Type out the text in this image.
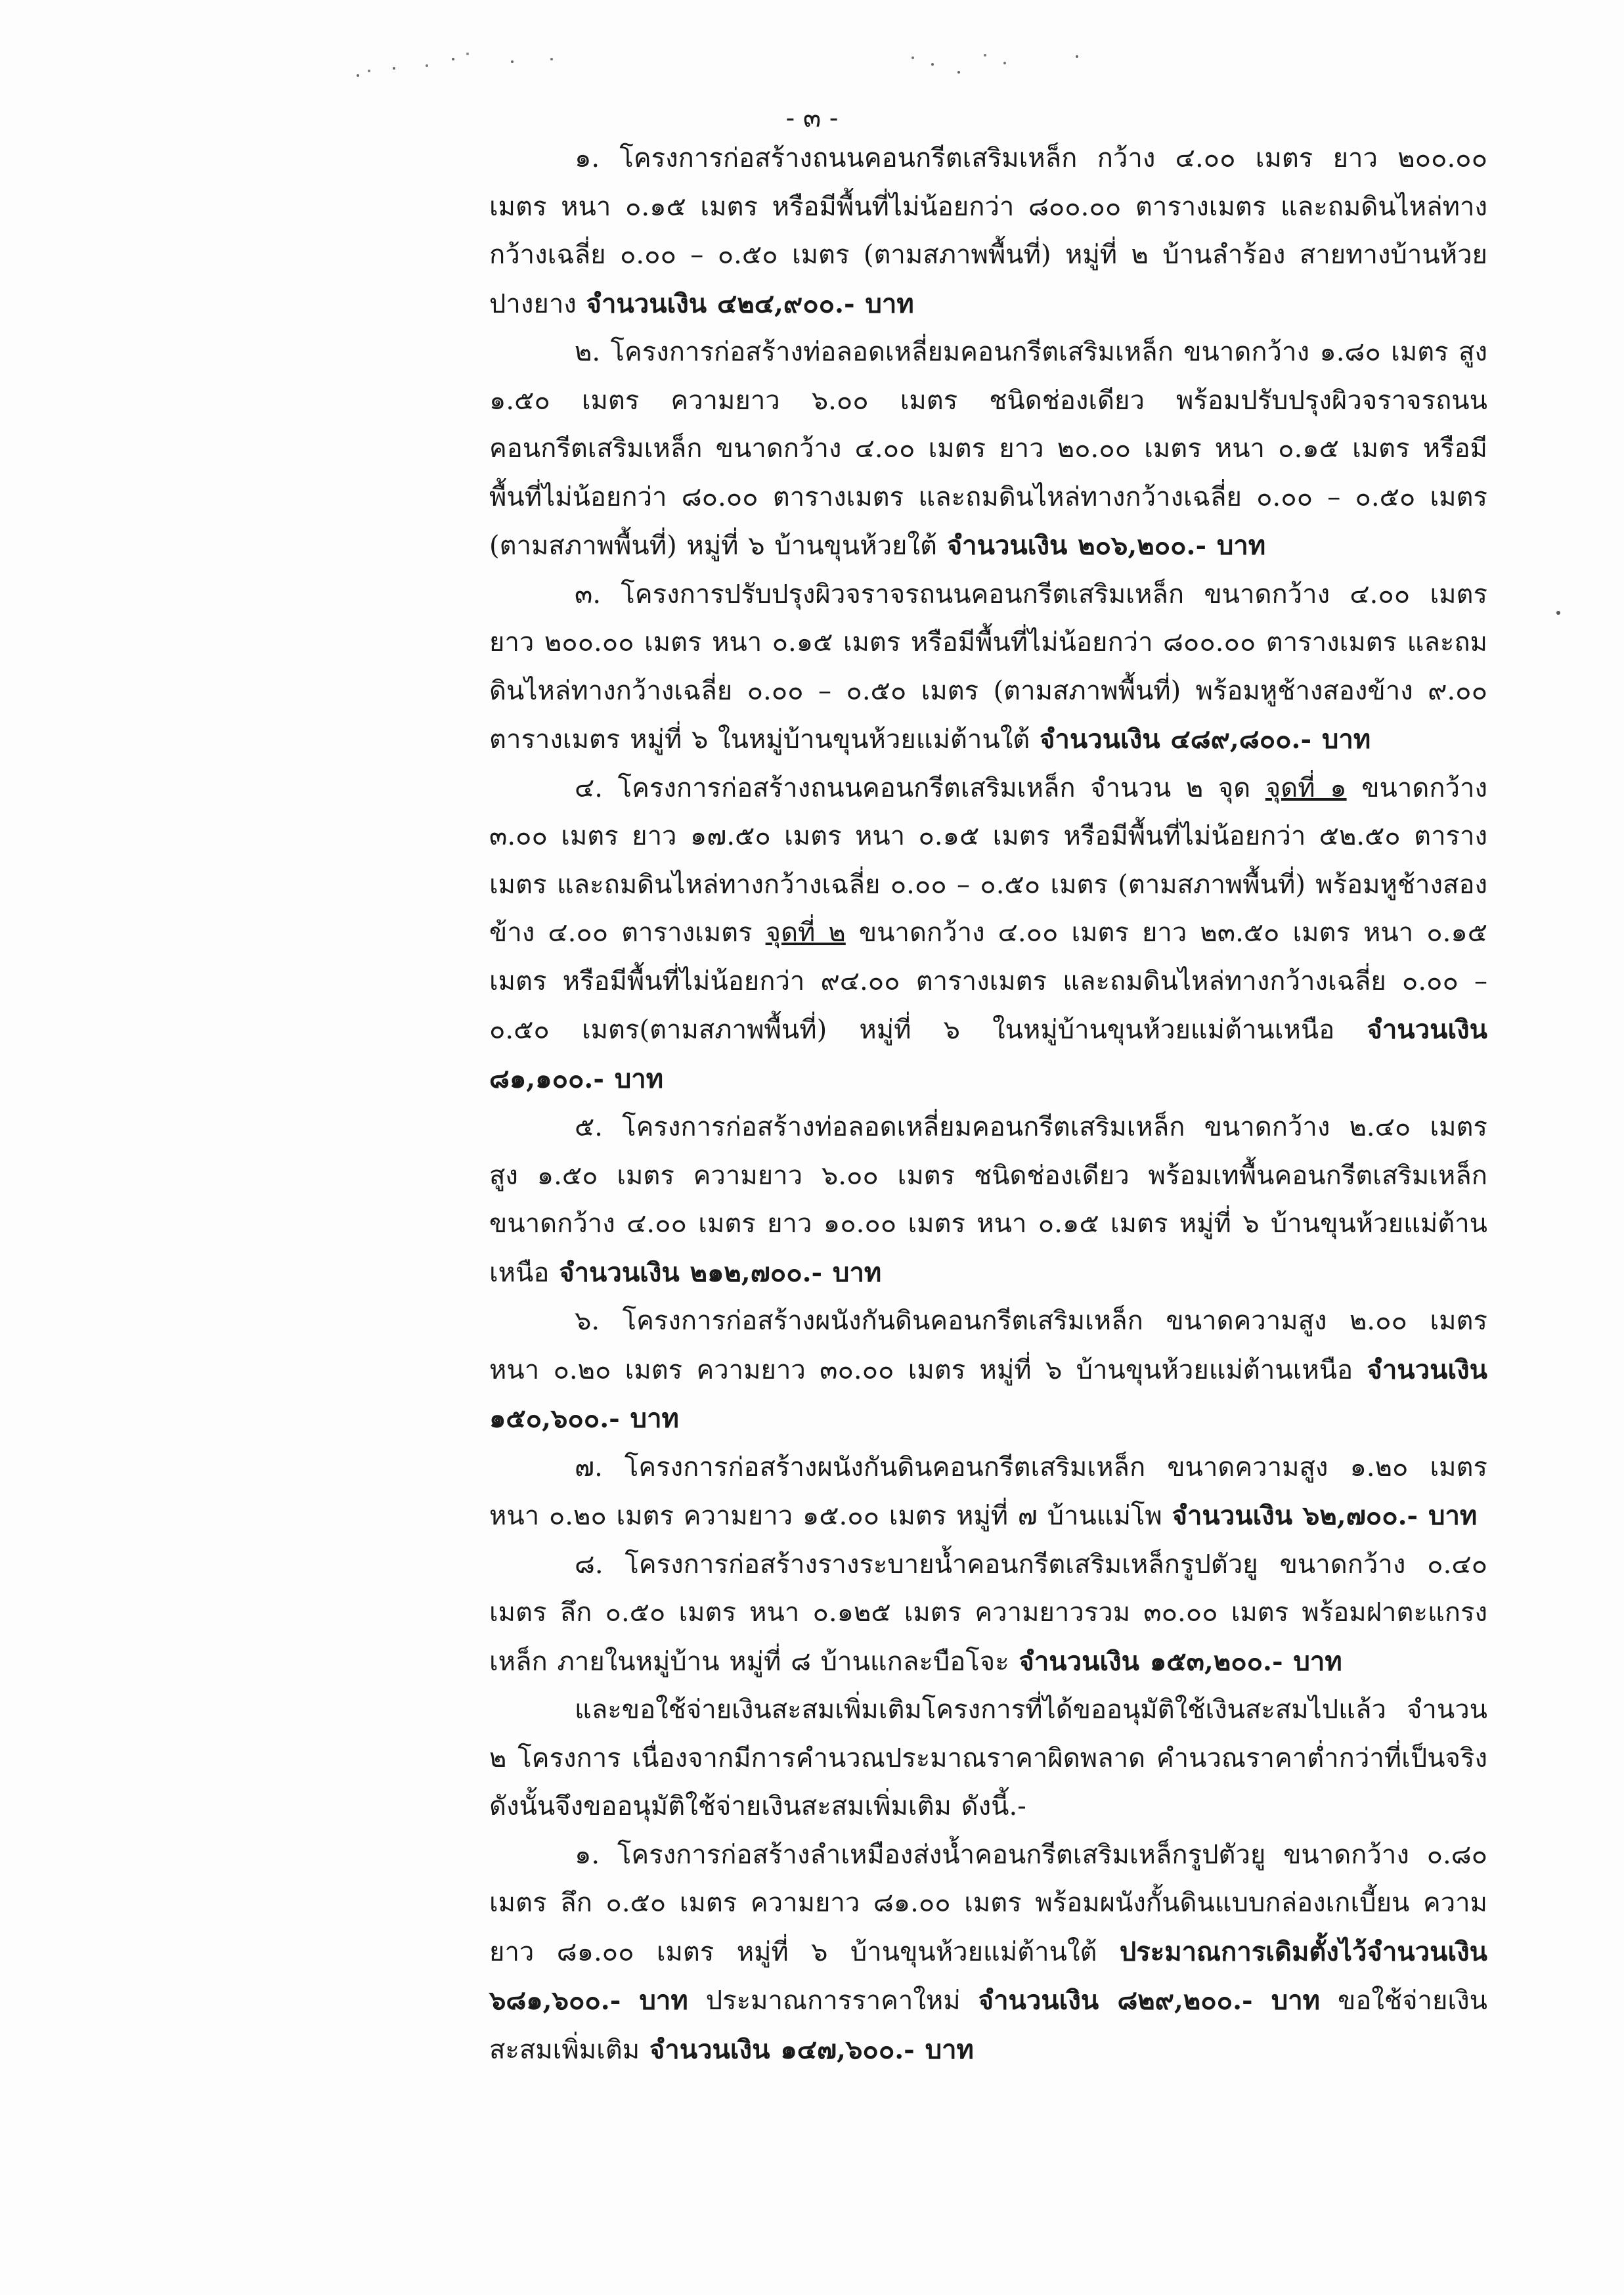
- ๓ -

๑. โครงการก่อสร้างถนนคอนกรีตเสริมเหล็ก กว้าง ๔.๐๐ เมตร ยาว ๒๐๐.๐๐ เมตร หนา ๐.๑๕ เมตร หรือมีพื้นที่ไม่น้อยกว่า ๘๐๐.๐๐ ตารางเมตร และถมดินไหล่ทาง กว้างเฉลี่ย ๐.๐๐ – ๐.๕๐ เมตร (ตามสภาพพื้นที่) หมู่ที่ ๒ บ้านลำร้อง สายทางบ้านห้วยปางยาง จำนวนเงิน ๔๒๔,๙๐๐.- บาท

๒. โครงการก่อสร้างท่อลอดเหลี่ยมคอนกรีตเสริมเหล็ก ขนาดกว้าง ๑.๘๐ เมตร สูง ๑.๕๐ เมตร ความยาว ๖.๐๐ เมตร ชนิดช่องเดียว พร้อมปรับปรุงผิวจราจรถนนคอนกรีตเสริมเหล็ก ขนาดกว้าง ๔.๐๐ เมตร ยาว ๒๐.๐๐ เมตร หนา ๐.๑๕ เมตร หรือมีพื้นที่ไม่น้อยกว่า ๘๐.๐๐ ตารางเมตร และถมดินไหล่ทางกว้างเฉลี่ย ๐.๐๐ – ๐.๕๐ เมตร (ตามสภาพพื้นที่) หมู่ที่ ๖ บ้านขุนห้วยใต้ จำนวนเงิน ๒๐๖,๒๐๐.- บาท

๓. โครงการปรับปรุงผิวจราจรถนนคอนกรีตเสริมเหล็ก ขนาดกว้าง ๔.๐๐ เมตร ยาว ๒๐๐.๐๐ เมตร หนา ๐.๑๕ เมตร หรือมีพื้นที่ไม่น้อยกว่า ๘๐๐.๐๐ ตารางเมตร และถมดินไหล่ทางกว้างเฉลี่ย ๐.๐๐ – ๐.๕๐ เมตร (ตามสภาพพื้นที่) พร้อมหูช้างสองข้าง ๙.๐๐ ตารางเมตร หมู่ที่ ๖ ในหมู่บ้านขุนห้วยแม่ต้านใต้ จำนวนเงิน ๔๘๙,๘๐๐.- บาท

๔. โครงการก่อสร้างถนนคอนกรีตเสริมเหล็ก จำนวน ๒ จุด จุดที่ ๑ ขนาดกว้าง ๓.๐๐ เมตร ยาว ๑๗.๕๐ เมตร หนา ๐.๑๕ เมตร หรือมีพื้นที่ไม่น้อยกว่า ๕๒.๕๐ ตารางเมตร และถมดินไหล่ทางกว้างเฉลี่ย ๐.๐๐ – ๐.๕๐ เมตร (ตามสภาพพื้นที่) พร้อมหูช้างสองข้าง ๔.๐๐ ตารางเมตร จุดที่ ๒ ขนาดกว้าง ๔.๐๐ เมตร ยาว ๒๓.๕๐ เมตร หนา ๐.๑๕ เมตร หรือมีพื้นที่ไม่น้อยกว่า ๙๔.๐๐ ตารางเมตร และถมดินไหล่ทางกว้างเฉลี่ย ๐.๐๐ – ๐.๕๐ เมตร(ตามสภาพพื้นที่) หมู่ที่ ๖ ในหมู่บ้านขุนห้วยแม่ต้านเหนือ จำนวนเงิน ๘๑,๑๐๐.- บาท

๕. โครงการก่อสร้างท่อลอดเหลี่ยมคอนกรีตเสริมเหล็ก ขนาดกว้าง ๒.๔๐ เมตร สูง ๑.๕๐ เมตร ความยาว ๖.๐๐ เมตร ชนิดช่องเดียว พร้อมเทพื้นคอนกรีตเสริมเหล็ก ขนาดกว้าง ๔.๐๐ เมตร ยาว ๑๐.๐๐ เมตร หนา ๐.๑๕ เมตร หมู่ที่ ๖ บ้านขุนห้วยแม่ต้านเหนือ จำนวนเงิน ๒๑๒,๗๐๐.- บาท

๖. โครงการก่อสร้างผนังกันดินคอนกรีตเสริมเหล็ก ขนาดความสูง ๒.๐๐ เมตร หนา ๐.๒๐ เมตร ความยาว ๓๐.๐๐ เมตร หมู่ที่ ๖ บ้านขุนห้วยแม่ต้านเหนือ จำนวนเงิน ๑๕๐,๖๐๐.- บาท

๗. โครงการก่อสร้างผนังกันดินคอนกรีตเสริมเหล็ก ขนาดความสูง ๑.๒๐ เมตร หนา ๐.๒๐ เมตร ความยาว ๑๕.๐๐ เมตร หมู่ที่ ๗ บ้านแม่โพ จำนวนเงิน ๖๒,๗๐๐.- บาท

๘. โครงการก่อสร้างรางระบายน้ำคอนกรีตเสริมเหล็กรูปตัวยู ขนาดกว้าง ๐.๔๐ เมตร ลึก ๐.๕๐ เมตร หนา ๐.๑๒๕ เมตร ความยาวรวม ๓๐.๐๐ เมตร พร้อมฝาตะแกรงเหล็ก ภายในหมู่บ้าน หมู่ที่ ๘ บ้านแกละบือโจะ จำนวนเงิน ๑๕๓,๒๐๐.- บาท

และขอใช้จ่ายเงินสะสมเพิ่มเติมโครงการที่ได้ขออนุมัติใช้เงินสะสมไปแล้ว จำนวน ๒ โครงการ เนื่องจากมีการคำนวณประมาณราคาผิดพลาด คำนวณราคาต่ำกว่าที่เป็นจริง ดังนั้นจึงขออนุมัติใช้จ่ายเงินสะสมเพิ่มเติม ดังนี้.-

๑. โครงการก่อสร้างลำเหมืองส่งน้ำคอนกรีตเสริมเหล็กรูปตัวยู ขนาดกว้าง ๐.๘๐ เมตร ลึก ๐.๕๐ เมตร ความยาว ๘๑.๐๐ เมตร พร้อมผนังกั้นดินแบบกล่องเกเบี้ยน ความยาว ๘๑.๐๐ เมตร หมู่ที่ ๖ บ้านขุนห้วยแม่ต้านใต้ ประมาณการเดิมตั้งไว้จำนวนเงิน ๖๘๑,๖๐๐.- บาท ประมาณการราคาใหม่ จำนวนเงิน ๘๒๙,๒๐๐.- บาท ขอใช้จ่ายเงินสะสมเพิ่มเติม จำนวนเงิน ๑๔๗,๖๐๐.- บาท
